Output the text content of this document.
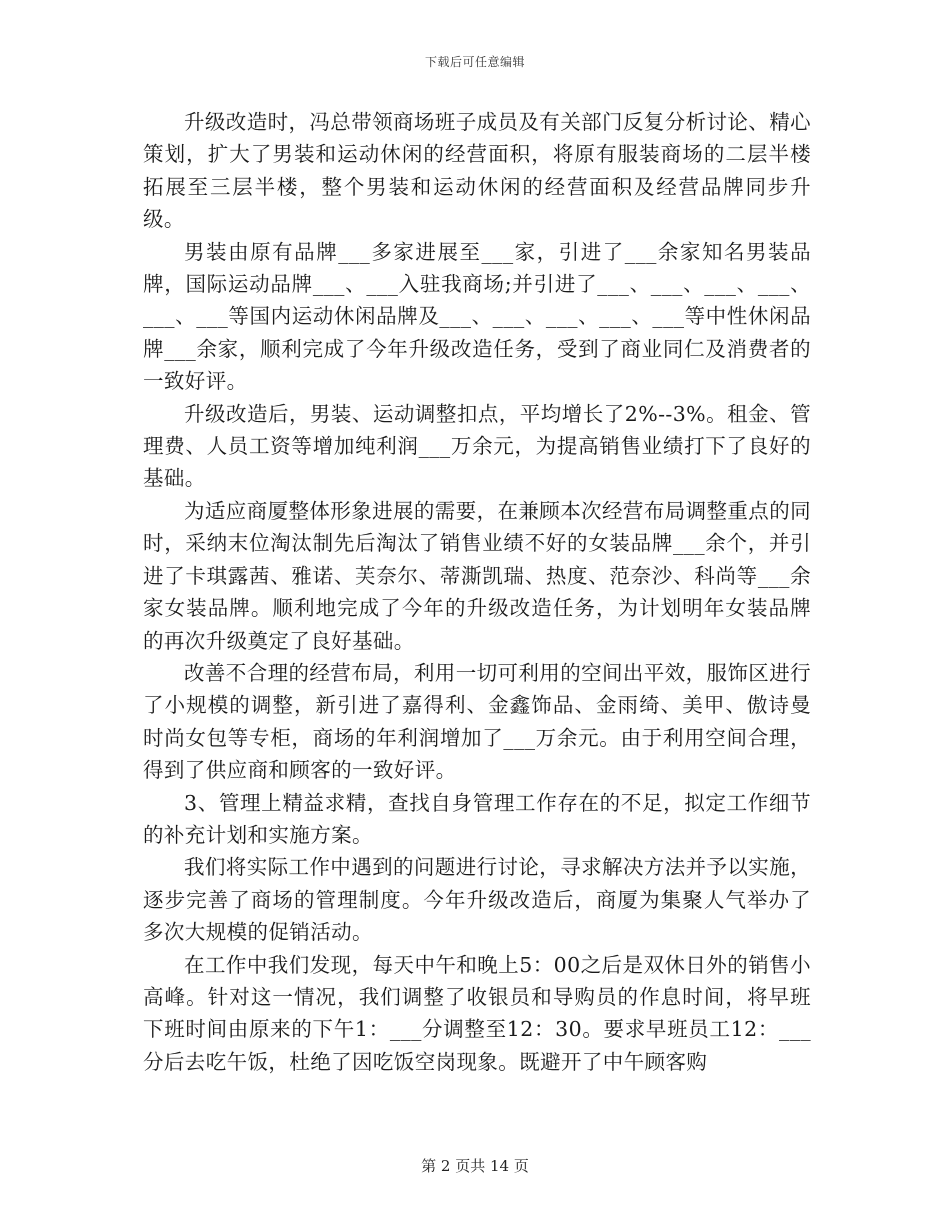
下载后可任意编辑

升级改造时，冯总带领商场班子成员及有关部门反复分析讨论、精心策划，扩大了男装和运动休闲的经营面积，将原有服装商场的二层半楼拓展至三层半楼，整个男装和运动休闲的经营面积及经营品牌同步升级。

男装由原有品牌___多家进展至___家，引进了___余家知名男装品牌，国际运动品牌___、___入驻我商场;并引进了___、___、___、___、___、___等国内运动休闲品牌及___、___、___、___、___等中性休闲品牌___余家，顺利完成了今年升级改造任务，受到了商业同仁及消费者的一致好评。

升级改造后，男装、运动调整扣点，平均增长了2%--3%。租金、管理费、人员工资等增加纯利润___万余元，为提高销售业绩打下了良好的基础。

为适应商厦整体形象进展的需要，在兼顾本次经营布局调整重点的同时，采纳末位淘汰制先后淘汰了销售业绩不好的女装品牌___余个，并引进了卡琪露茜、雅诺、芙奈尔、蒂澌凯瑞、热度、范奈沙、科尚等___余家女装品牌。顺利地完成了今年的升级改造任务，为计划明年女装品牌的再次升级奠定了良好基础。

改善不合理的经营布局，利用一切可利用的空间出平效，服饰区进行了小规模的调整，新引进了嘉得利、金鑫饰品、金雨绮、美甲、傲诗曼时尚女包等专柜，商场的年利润增加了___万余元。由于利用空间合理，得到了供应商和顾客的一致好评。

3、管理上精益求精，查找自身管理工作存在的不足，拟定工作细节的补充计划和实施方案。

我们将实际工作中遇到的问题进行讨论，寻求解决方法并予以实施，逐步完善了商场的管理制度。今年升级改造后，商厦为集聚人气举办了多次大规模的促销活动。

在工作中我们发现，每天中午和晚上5：00之后是双休日外的销售小高峰。针对这一情况，我们调整了收银员和导购员的作息时间，将早班下班时间由原来的下午1：___分调整至12：30。要求早班员工12：___分后去吃午饭，杜绝了因吃饭空岗现象。既避开了中午顾客购

第 2 页共 14 页
